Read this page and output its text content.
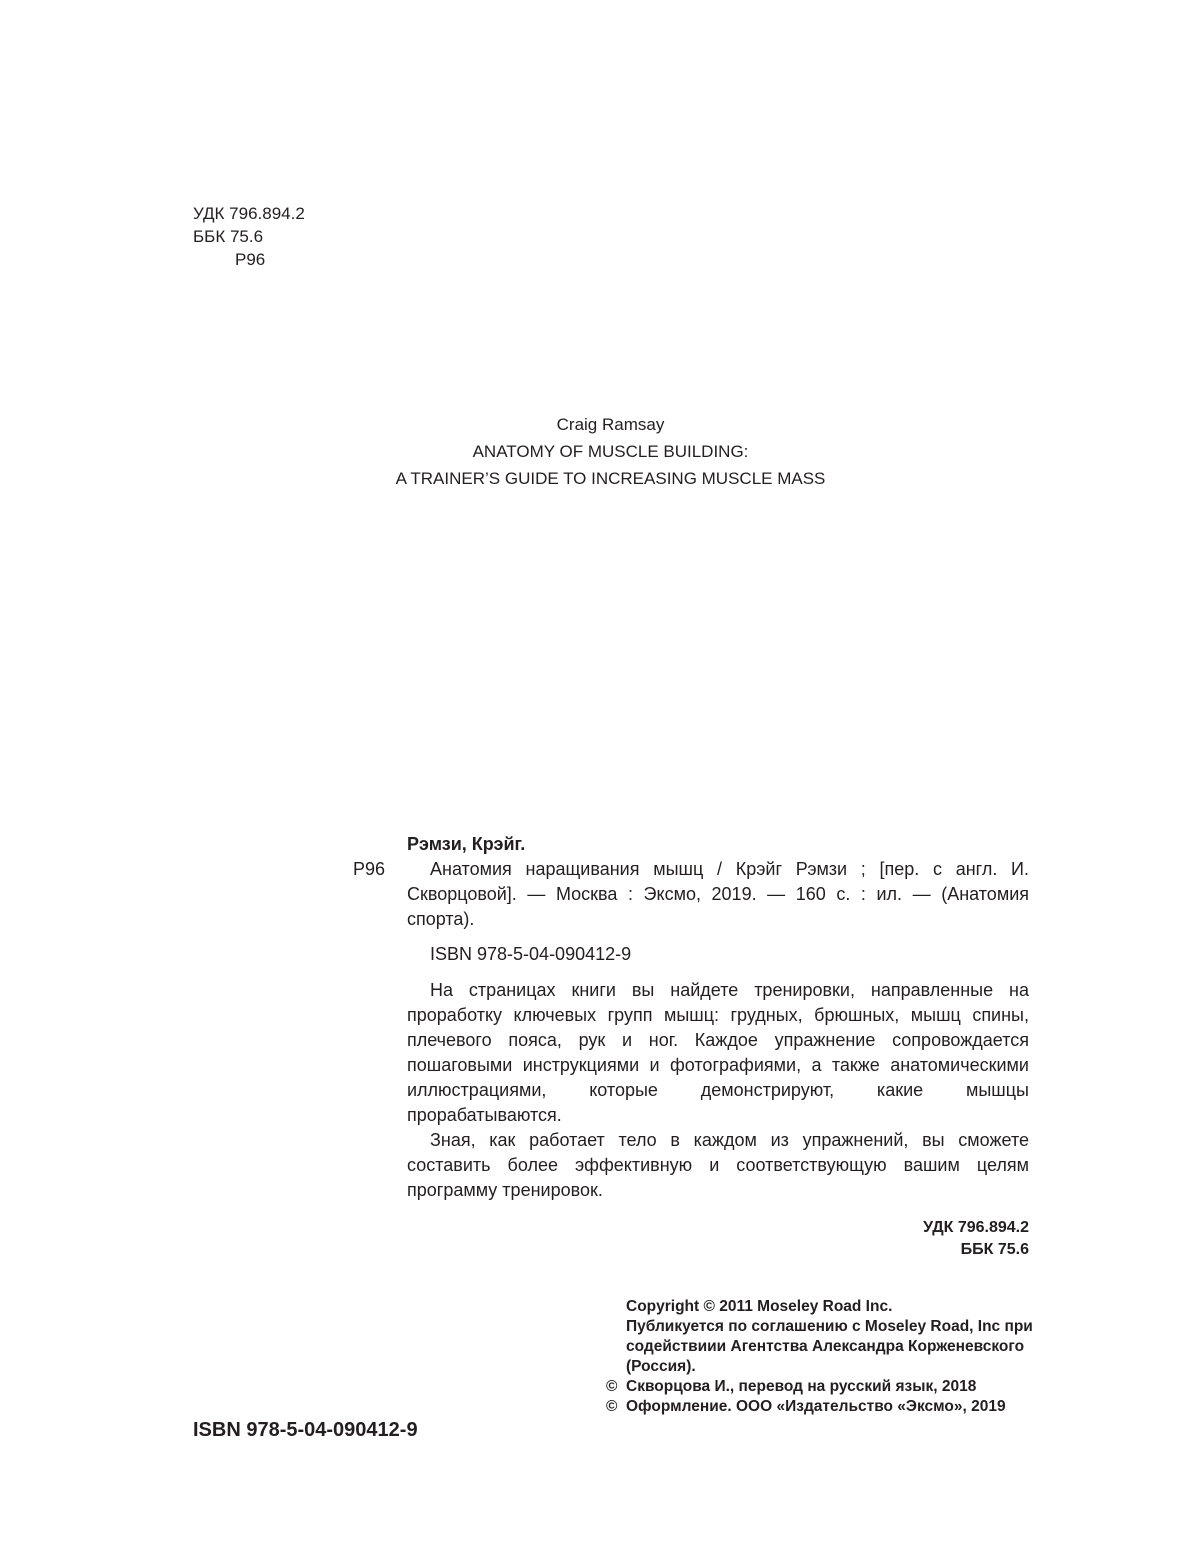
УДК 796.894.2
ББК 75.6
Р96
Craig Ramsay
ANATOMY OF MUSCLE BUILDING:
A TRAINER’S GUIDE TO INCREASING MUSCLE MASS
Рэмзи, Крэйг.
Р96	Анатомия наращивания мышц / Крэйг Рэмзи ; [пер. с англ. И. Скворцовой]. — Москва : Эксмо, 2019. — 160 с. : ил. — (Анатомия спорта).
ISBN 978-5-04-090412-9

На страницах книги вы найдете тренировки, направленные на проработку ключевых групп мышц: грудных, брюшных, мышц спины, плечевого пояса, рук и ног. Каждое упражнение сопровождается пошаговыми инструкциями и фотографиями, а также анатомическими иллюстрациями, которые демонстрируют, какие мышцы прорабатываются.

Зная, как работает тело в каждом из упражнений, вы сможете составить более эффективную и соответствующую вашим целям программу тренировок.

УДК 796.894.2
ББК 75.6
Copyright © 2011 Moseley Road Inc.
Публикуется по соглашению с Moseley Road, Inc при содействиии Агентства Александра Корженевского (Россия).
© Скворцова И., перевод на русский язык, 2018
© Оформление. ООО «Издательство «Эксмо», 2019
ISBN 978-5-04-090412-9
